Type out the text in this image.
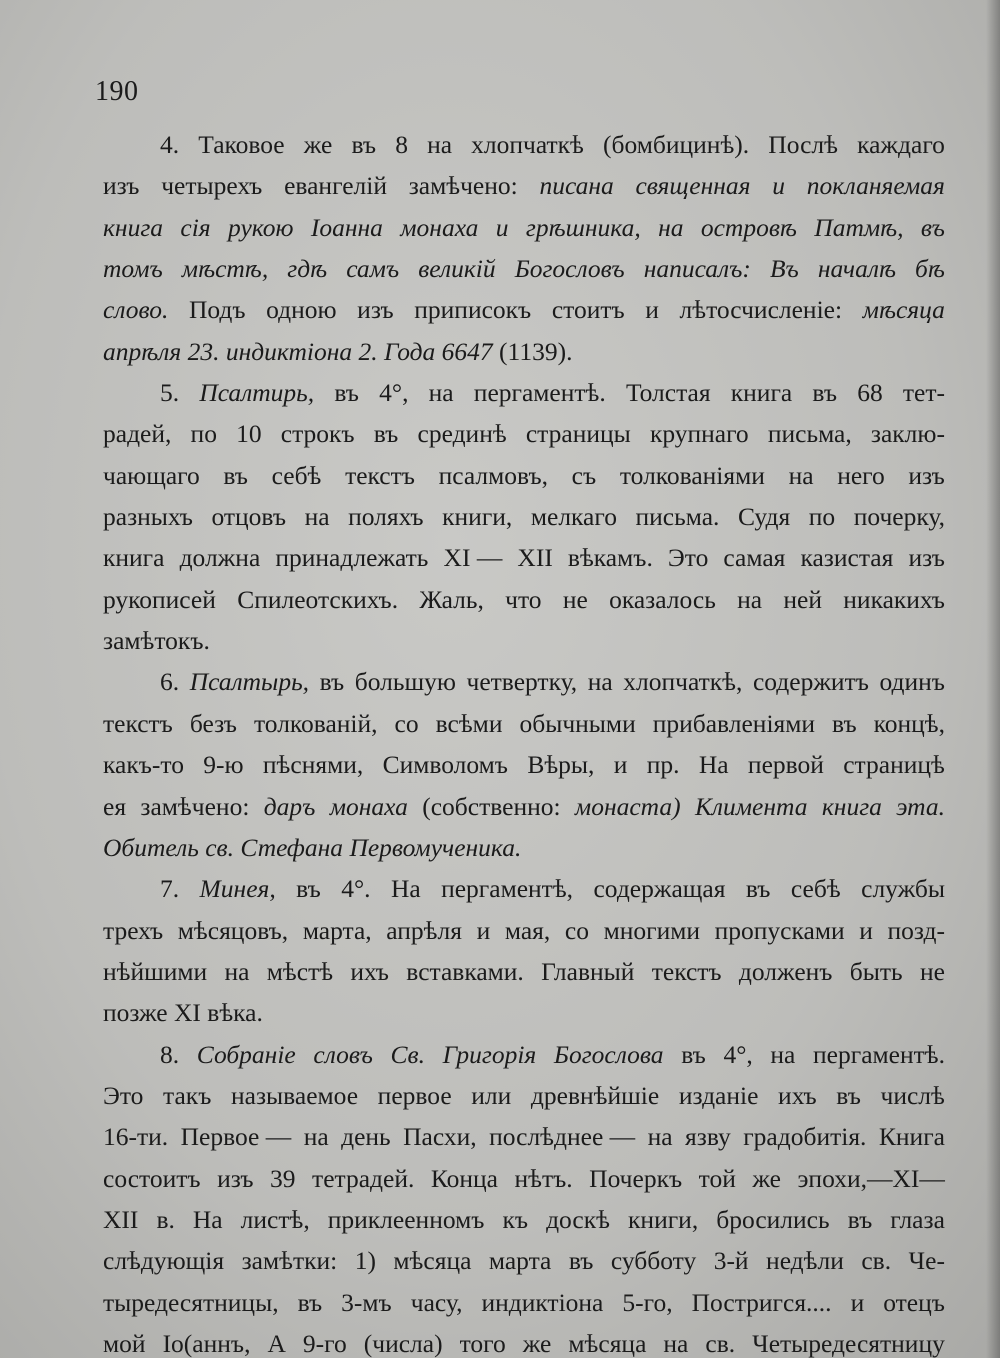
190
4. Таковое же въ 8 на хлопчаткѣ (бомбицинѣ). Послѣ каждаго
изъ четырехъ евангелій замѣчено: писана священная и покланяемая
книга сія рукою Іоанна монаха и грѣшника, на островѣ Патмѣ, въ
томъ мѣстѣ, гдѣ самъ великій Богословъ написалъ: Въ началѣ бѣ
слово. Подъ одною изъ приписокъ стоитъ и лѣтосчисленіе: мѣсяца
апрѣля
23.
индиктіона
2.
Года
6647
(1139).
5. Псалтирь, въ 4°, на пергаментѣ. Толстая книга въ 68 тет-
радей, по 10 строкъ въ срединѣ страницы крупнаго письма, заклю-
чающаго въ себѣ текстъ псалмовъ, съ толкованіями на него изъ
разныхъ отцовъ на поляхъ книги, мелкаго письма. Судя по почерку,
книга должна принадлежать XI — XII вѣкамъ. Это самая казистая изъ
рукописей Спилеотскихъ. Жаль, что не оказалось на ней никакихъ
замѣтокъ.
6. Псалтырь, въ большую четвертку, на хлопчаткѣ, содержитъ одинъ
текстъ безъ толкованій, со всѣми обычными прибавленіями въ концѣ,
какъ-то 9-ю пѣснями, Символомъ Вѣры, и пр. На первой страницѣ
ея замѣчено: даръ монаха (собственно: монаста) Климента книга эта.
Обитель
св.
Стефана
Первомученика.
7. Минея, въ 4°. На пергаментѣ, содержащая въ себѣ службы
трехъ мѣсяцовъ, марта, апрѣля и мая, со многими пропусками и позд-
нѣйшими на мѣстѣ ихъ вставками. Главный текстъ долженъ быть не
позже
XI
вѣка.
8. Собраніе словъ Св. Григорія Богослова въ 4°, на пергаментѣ.
Это такъ называемое первое или древнѣйшіе изданіе ихъ въ числѣ
16-ти. Первое — на день Пасхи, послѣднее — на язву градобитія. Книга
состоитъ изъ 39 тетрадей. Конца нѣтъ. Почеркъ той же эпохи,—XI—
XII в. На листѣ, приклеенномъ къ доскѣ книги, бросились въ глаза
слѣдующія замѣтки: 1) мѣсяца марта въ субботу 3-й недѣли св. Че-
тыредесятницы, въ 3-мъ часу, индиктіона 5-го, Постригся.... и отецъ
мой Іо(аннъ, А 9-го (числа) того же мѣсяца на св. Четыредесятницу
